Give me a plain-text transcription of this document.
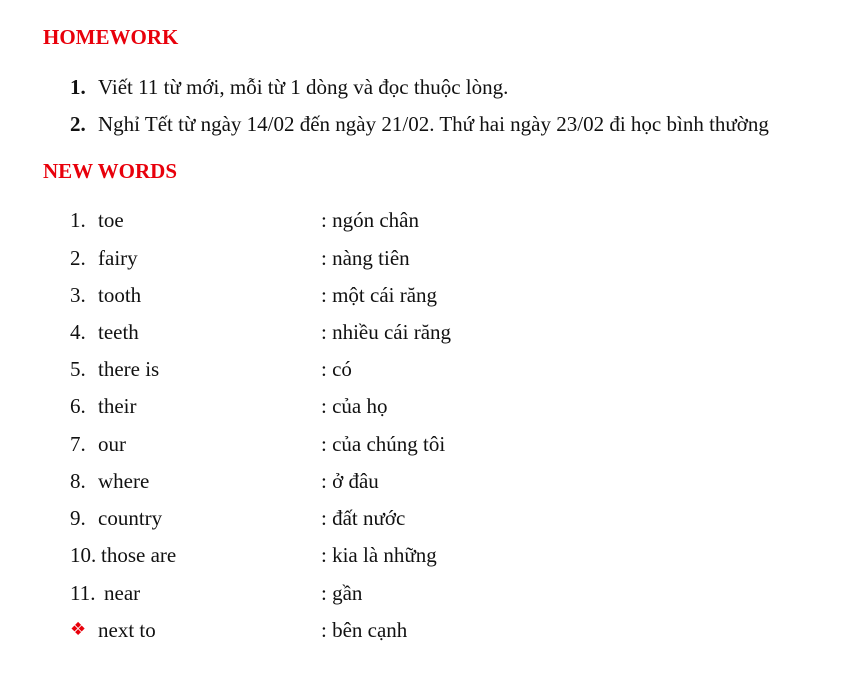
HOMEWORK
1. Viết 11 từ mới, mỗi từ 1 dòng và đọc thuộc lòng.
2. Nghỉ Tết từ ngày 14/02 đến ngày 21/02. Thứ hai ngày 23/02 đi học bình thường
NEW WORDS
1. toe	: ngón chân
2. fairy	: nàng tiên
3. tooth	: một cái răng
4. teeth	: nhiều cái răng
5. there is	: có
6. their	: của họ
7. our	: của chúng tôi
8. where	: ở đâu
9. country	: đất nước
10. those are	: kia là những
11. near	: gần
❖ next to	: bên cạnh
